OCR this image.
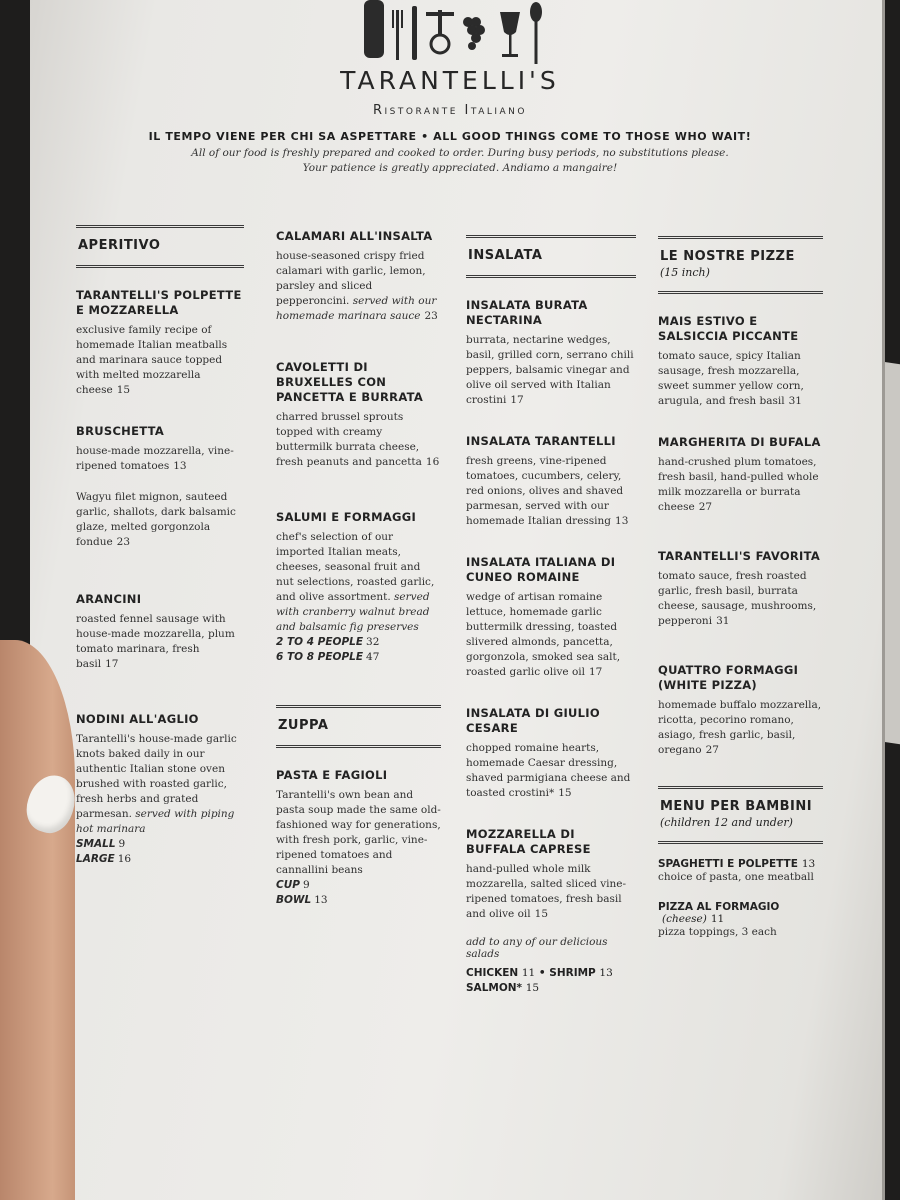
TARANTELLI'S
Ristorante Italiano
IL TEMPO VIENE PER CHI SA ASPETTARE • ALL GOOD THINGS COME TO THOSE WHO WAIT!
All of our food is freshly prepared and cooked to order. During busy periods, no substitutions please.
Your patience is greatly appreciated. Andiamo a mangaire!
APERITIVO
TARANTELLI'S POLPETTE E MOZZARELLA
exclusive family recipe of homemade Italian meatballs and marinara sauce topped with melted mozzarella cheese 15
BRUSCHETTA
house-made mozzarella, vine-ripened tomatoes 13
Wagyu filet mignon, sauteed garlic, shallots, dark balsamic glaze, melted gorgonzola fondue 23
ARANCINI
roasted fennel sausage with house-made mozzarella, plum tomato marinara, fresh basil 17
NODINI ALL'AGLIO
Tarantelli's house-made garlic knots baked daily in our authentic Italian stone oven brushed with roasted garlic, fresh herbs and grated parmesan. served with piping hot marinara
SMALL 9
LARGE 16
CALAMARI ALL'INSALTA
house-seasoned crispy fried calamari with garlic, lemon, parsley and sliced pepperoncini. served with our homemade marinara sauce 23
CAVOLETTI DI BRUXELLES CON PANCETTA E BURRATA
charred brussel sprouts topped with creamy buttermilk burrata cheese, fresh peanuts and pancetta 16
SALUMI E FORMAGGI
chef's selection of our imported Italian meats, cheeses, seasonal fruit and nut selections, roasted garlic, and olive assortment. served with cranberry walnut bread and balsamic fig preserves
2 TO 4 PEOPLE 32
6 TO 8 PEOPLE 47
ZUPPA
PASTA E FAGIOLI
Tarantelli's own bean and pasta soup made the same old-fashioned way for generations, with fresh pork, garlic, vine-ripened tomatoes and cannallini beans
CUP 9
BOWL 13
INSALATA
INSALATA BURATA NECTARINA
burrata, nectarine wedges, basil, grilled corn, serrano chili peppers, balsamic vinegar and olive oil served with Italian crostini 17
INSALATA TARANTELLI
fresh greens, vine-ripened tomatoes, cucumbers, celery, red onions, olives and shaved parmesan, served with our homemade Italian dressing 13
INSALATA ITALIANA DI CUNEO ROMAINE
wedge of artisan romaine lettuce, homemade garlic buttermilk dressing, toasted slivered almonds, pancetta, gorgonzola, smoked sea salt, roasted garlic olive oil 17
INSALATA DI GIULIO CESARE
chopped romaine hearts, homemade Caesar dressing, shaved parmigiana cheese and toasted crostini* 15
MOZZARELLA DI BUFFALA CAPRESE
hand-pulled whole milk mozzarella, salted sliced vine-ripened tomatoes, fresh basil and olive oil 15
add to any of our delicious salads
CHICKEN 11 • SHRIMP 13
SALMON* 15
LE NOSTRE PIZZE
(15 inch)
MAIS ESTIVO E SALSICCIA PICCANTE
tomato sauce, spicy Italian sausage, fresh mozzarella, sweet summer yellow corn, arugula, and fresh basil 31
MARGHERITA DI BUFALA
hand-crushed plum tomatoes, fresh basil, hand-pulled whole milk mozzarella or burrata cheese 27
TARANTELLI'S FAVORITA
tomato sauce, fresh roasted garlic, fresh basil, burrata cheese, sausage, mushrooms, pepperoni 31
QUATTRO FORMAGGI (WHITE PIZZA)
homemade buffalo mozzarella, ricotta, pecorino romano, asiago, fresh garlic, basil, oregano 27
MENU PER BAMBINI
(children 12 and under)
SPAGHETTI E POLPETTE 13
choice of pasta, one meatball
PIZZA AL FORMAGIO (cheese) 11
pizza toppings, 3 each
